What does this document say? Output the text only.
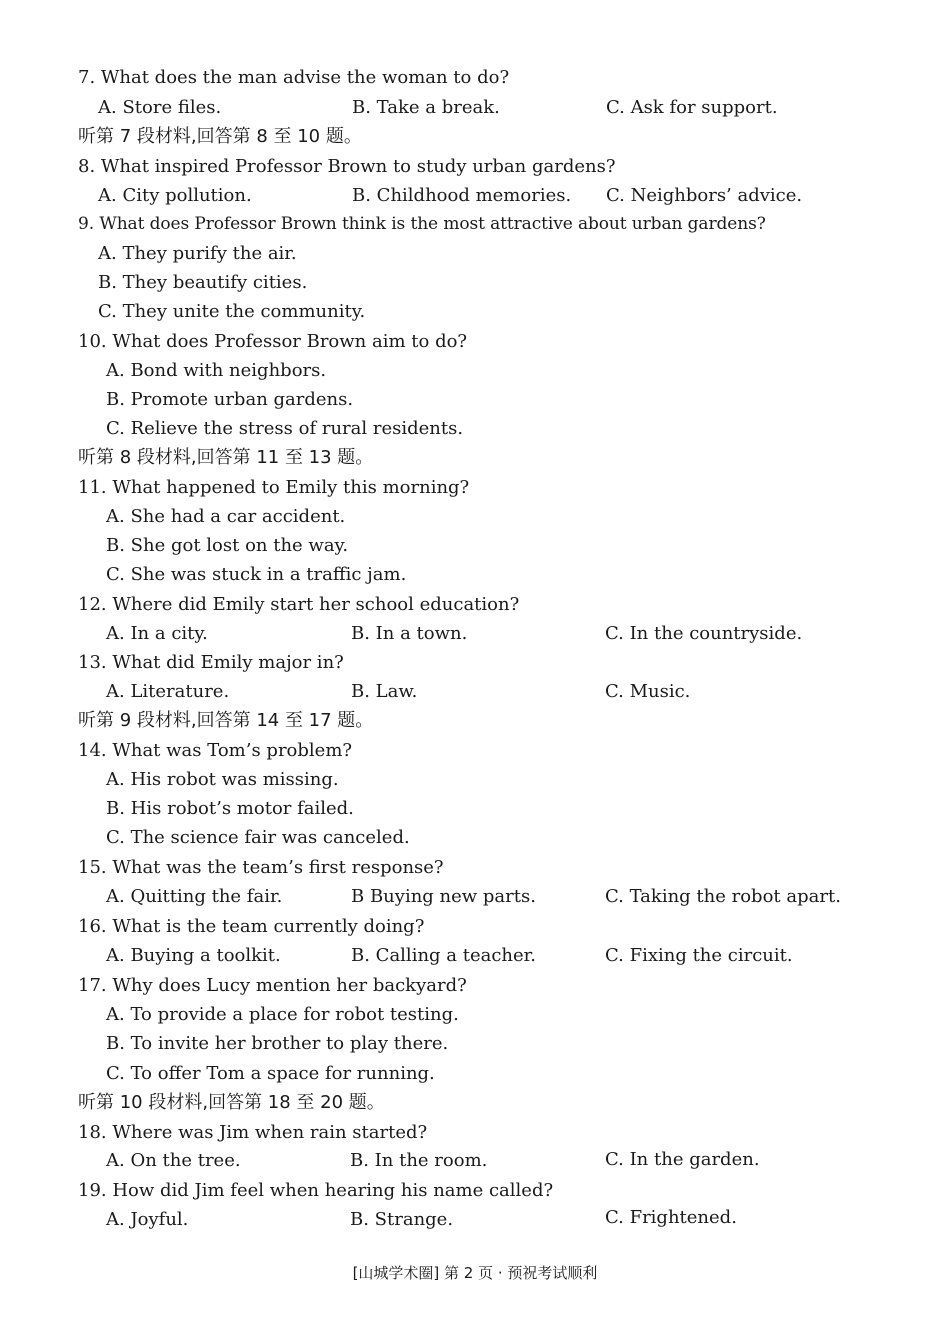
7. What does the man advise the woman to do?
A. Store files.	B. Take a break.	C. Ask for support.
听第 7 段材料,回答第 8 至 10 题。
8. What inspired Professor Brown to study urban gardens?
A. City pollution.	B. Childhood memories. C. Neighbors’ advice.
9. What does Professor Brown think is the most attractive about urban gardens?
A. They purify the air.
B. They beautify cities.
C. They unite the community.
10. What does Professor Brown aim to do?
A. Bond with neighbors.
B. Promote urban gardens.
C. Relieve the stress of rural residents.
听第 8 段材料,回答第 11 至 13 题。
11. What happened to Emily this morning?
A. She had a car accident.
B. She got lost on the way.
C. She was stuck in a traffic jam.
12. Where did Emily start her school education?
A. In a city.	B. In a town.	C. In the countryside.
13. What did Emily major in?
A. Literature.	B. Law.	C. Music.
听第 9 段材料,回答第 14 至 17 题。
14. What was Tom’s problem?
A. His robot was missing.
B. His robot’s motor failed.
C. The science fair was canceled.
15. What was the team’s first response?
A. Quitting the fair.	B Buying new parts.	C. Taking the robot apart.
16. What is the team currently doing?
A. Buying a toolkit.	B. Calling a teacher.	C. Fixing the circuit.
17. Why does Lucy mention her backyard?
A. To provide a place for robot testing.
B. To invite her brother to play there.
C. To offer Tom a space for running.
听第 10 段材料,回答第 18 至 20 题。
18. Where was Jim when rain started?
A. On the tree.	B. In the room.	C. In the garden.
19. How did Jim feel when hearing his name called?
A. Joyful.	B. Strange.	C. Frightened.
[山城学术圈] 第 2 页 · 预祝考试顺利
